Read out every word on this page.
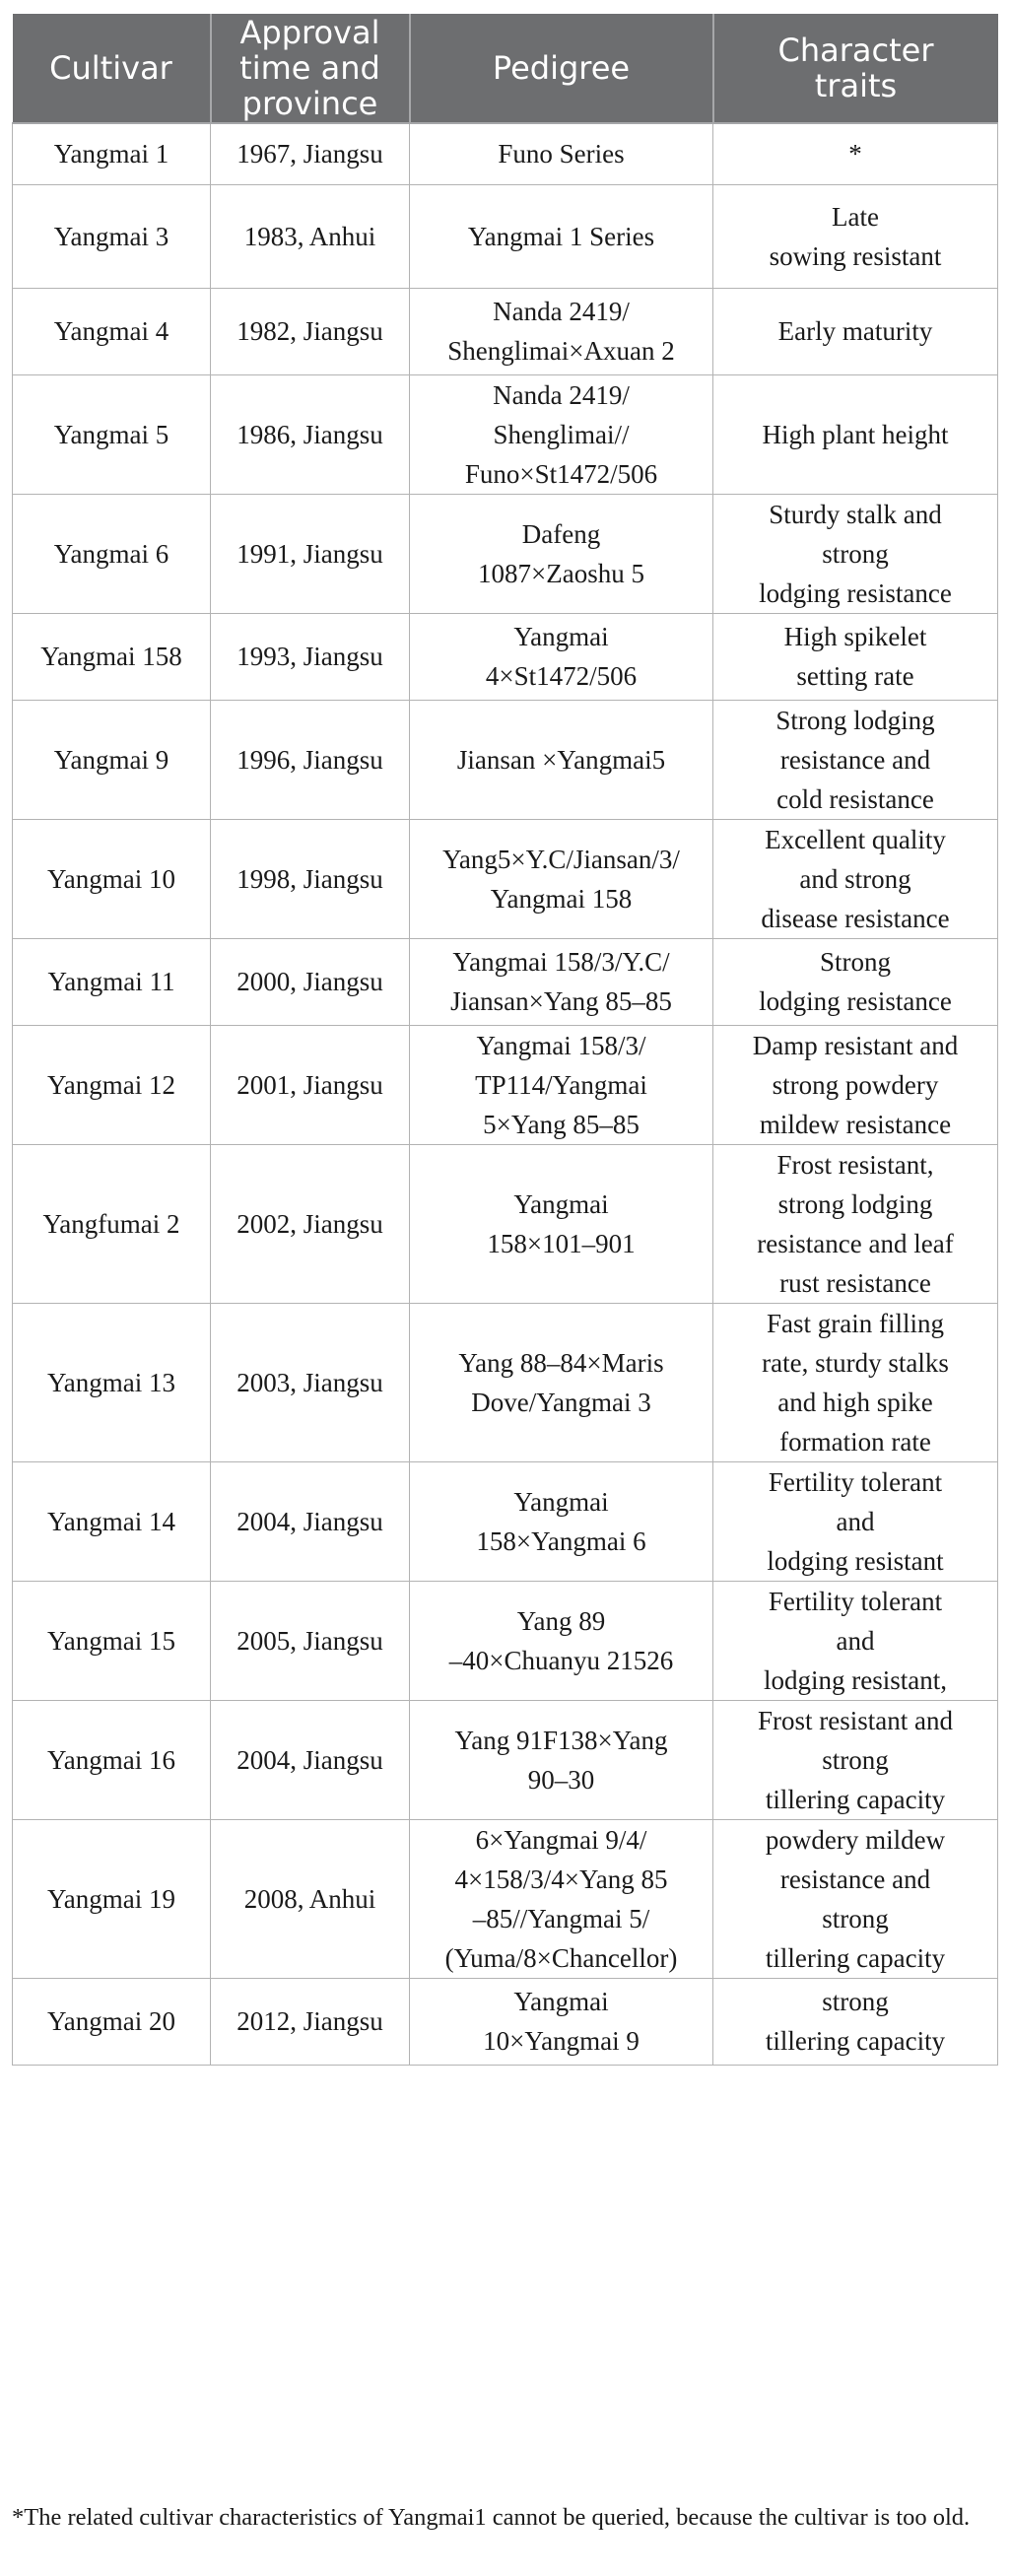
Cultivar	Approval
time and
province	Pedigree	Character
traits
Yangmai 1	1967, Jiangsu	Funo Series	*
Yangmai 3	1983, Anhui	Yangmai 1 Series	Late
sowing resistant
Yangmai 4	1982, Jiangsu	Nanda 2419/
Shenglimai×Axuan 2	Early maturity
Yangmai 5	1986, Jiangsu	Nanda 2419/
Shenglimai//
Funo×St1472/506	High plant height
Yangmai 6	1991, Jiangsu	Dafeng
1087×Zaoshu 5	Sturdy stalk and
strong
lodging resistance
Yangmai 158	1993, Jiangsu	Yangmai
4×St1472/506	High spikelet
setting rate
Yangmai 9	1996, Jiangsu	Jiansan ×Yangmai5	Strong lodging
resistance and
cold resistance
Yangmai 10	1998, Jiangsu	Yang5×Y.C/Jiansan/3/
Yangmai 158	Excellent quality
and strong
disease resistance
Yangmai 11	2000, Jiangsu	Yangmai 158/3/Y.C/
Jiansan×Yang 85–85	Strong
lodging resistance
Yangmai 12	2001, Jiangsu	Yangmai 158/3/
TP114/Yangmai
5×Yang 85–85	Damp resistant and
strong powdery
mildew resistance
Yangfumai 2	2002, Jiangsu	Yangmai
158×101–901	Frost resistant,
strong lodging
resistance and leaf
rust resistance
Yangmai 13	2003, Jiangsu	Yang 88–84×Maris
Dove/Yangmai 3	Fast grain filling
rate, sturdy stalks
and high spike
formation rate
Yangmai 14	2004, Jiangsu	Yangmai
158×Yangmai 6	Fertility tolerant
and
lodging resistant
Yangmai 15	2005, Jiangsu	Yang 89
–40×Chuanyu 21526	Fertility tolerant
and
lodging resistant,
Yangmai 16	2004, Jiangsu	Yang 91F138×Yang
90–30	Frost resistant and
strong
tillering capacity
Yangmai 19	2008, Anhui	6×Yangmai 9/4/
4×158/3/4×Yang 85
–85//Yangmai 5/
(Yuma/8×Chancellor)	powdery mildew
resistance and
strong
tillering capacity
Yangmai 20	2012, Jiangsu	Yangmai
10×Yangmai 9	strong
tillering capacity
*The related cultivar characteristics of Yangmai1 cannot be queried, because the cultivar is too old.
